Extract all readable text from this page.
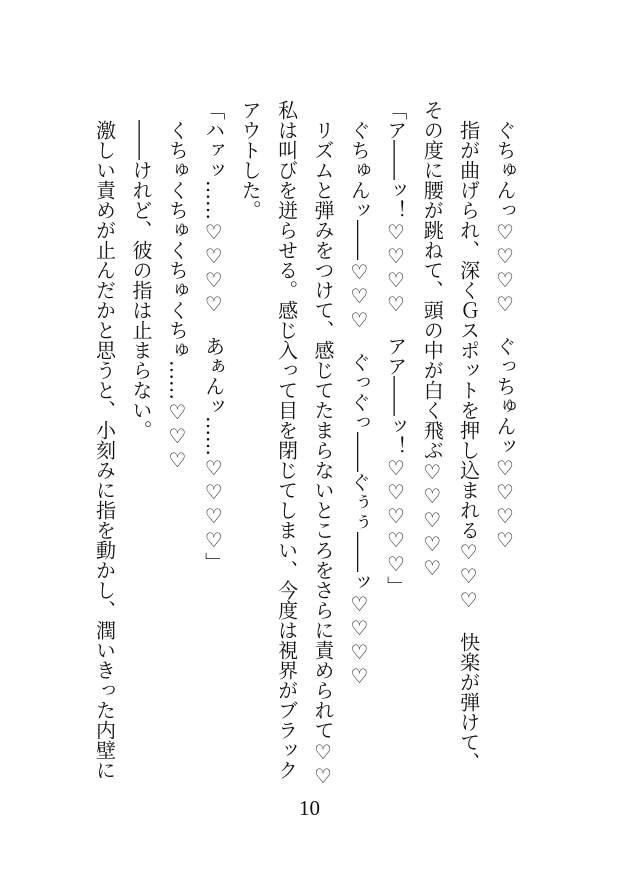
　ぐちゅんっ♡♡♡♡　ぐっちゅんッ♡♡♡♡
　指が曲げられ、深くＧスポットを押し込まれる♡♡♡　快楽が弾けて、
その度に腰が跳ねて、頭の中が白く飛ぶ♡♡♡♡♡
「ア――ッ！♡♡♡♡　アア――ッ！♡♡♡♡♡」
　ぐちゅんッ――♡♡♡　ぐっぐっ――ぐぅぅ――ッ♡♡♡♡
　リズムと弾みをつけて、感じてたまらないところをさらに責められて♡♡
私は叫びを迸らせる。感じ入って目を閉じてしまい、今度は視界がブラック
アウトした。
「ハァッ……♡♡♡♡　あぁんッ……♡♡♡♡」
　くちゅくちゅくちゅくちゅ……♡♡♡
　――けれど、彼の指は止まらない。
　激しい責めが止んだかと思うと、小刻みに指を動かし、潤いきった内壁に
10
